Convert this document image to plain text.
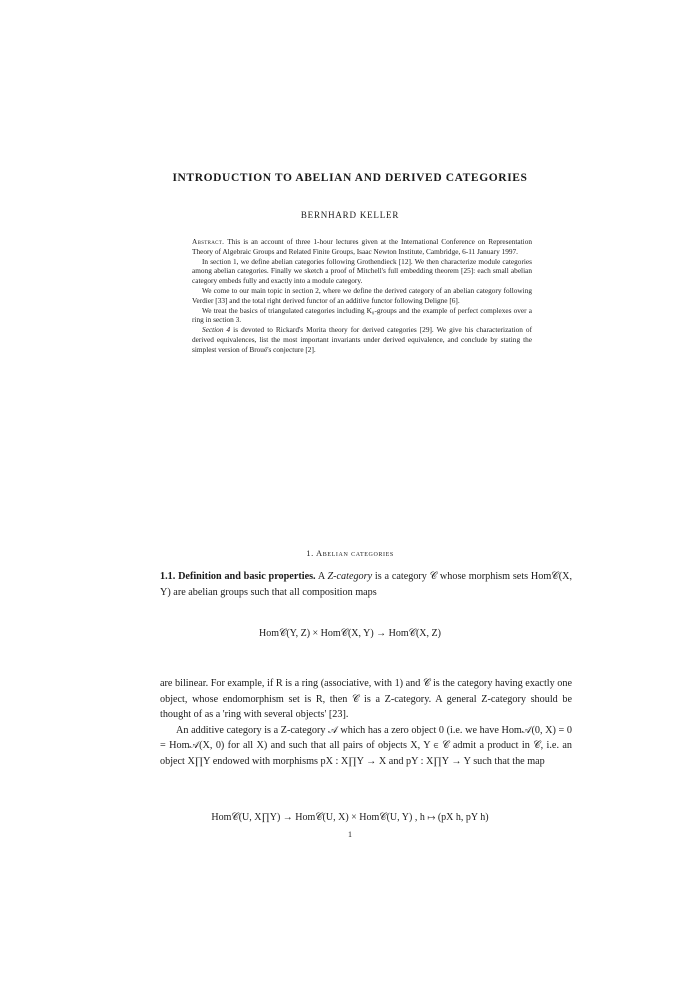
INTRODUCTION TO ABELIAN AND DERIVED CATEGORIES
BERNHARD KELLER

Abstract. This is an account of three 1-hour lectures given at the International Conference on Representation Theory of Algebraic Groups and Related Finite Groups, Isaac Newton Institute, Cambridge, 6-11 January 1997.

In section 1, we define abelian categories following Grothendieck [12]. We then characterize module categories among abelian categories. Finally we sketch a proof of Mitchell's full embedding theorem [25]: each small abelian category embeds fully and exactly into a module category.

We come to our main topic in section 2, where we define the derived category of an abelian category following Verdier [33] and the total right derived functor of an additive functor following Deligne [6].

We treat the basics of triangulated categories including K₀-groups and the example of perfect complexes over a ring in section 3.

Section 4 is devoted to Rickard's Morita theory for derived categories [29]. We give his characterization of derived equivalences, list the most important invariants under derived equivalence, and conclude by stating the simplest version of Broué's conjecture [2].

1. Abelian categories

1.1. Definition and basic properties. A Z-category is a category 𝒞 whose morphism sets Hom𝒞(X, Y) are abelian groups such that all composition maps

Hom𝒞(Y, Z) × Hom𝒞(X, Y) → Hom𝒞(X, Z)

are bilinear. For example, if R is a ring (associative, with 1) and 𝒞 is the category having exactly one object, whose endomorphism set is R, then 𝒞 is a Z-category. A general Z-category should be thought of as a 'ring with several objects' [23].

An additive category is a Z-category 𝒜 which has a zero object 0 (i.e. we have Hom𝒜(0, X) = 0 = Hom𝒜(X, 0) for all X) and such that all pairs of objects X, Y ∈ 𝒞 admit a product in 𝒞, i.e. an object X∏Y endowed with morphisms pX : X∏Y → X and pY : X∏Y → Y such that the map

Hom𝒞(U, X∏Y) → Hom𝒞(U, X) × Hom𝒞(U, Y) , h ↦ (pX h, pY h)
1
